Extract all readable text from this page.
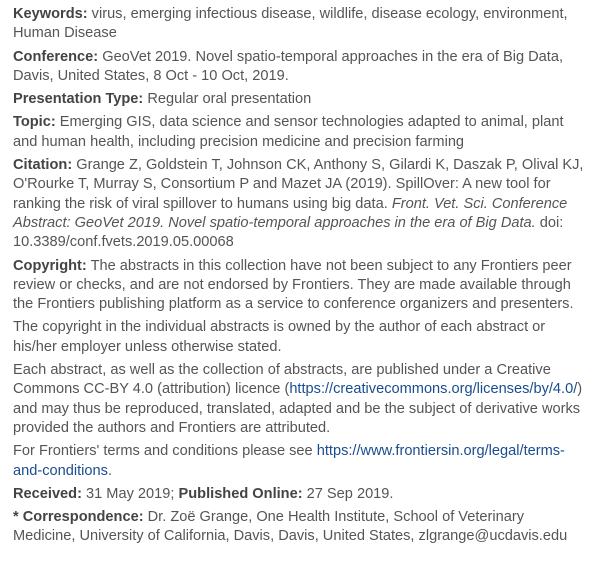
Keywords: virus, emerging infectious disease, wildlife, disease ecology, environment, Human Disease

Conference: GeoVet 2019. Novel spatio-temporal approaches in the era of Big Data, Davis, United States, 8 Oct - 10 Oct, 2019.

Presentation Type: Regular oral presentation

Topic: Emerging GIS, data science and sensor technologies adapted to animal, plant and human health, including precision medicine and precision farming

Citation: Grange Z, Goldstein T, Johnson CK, Anthony S, Gilardi K, Daszak P, Olival KJ, O'Rourke T, Murray S, Consortium P and Mazet JA (2019). SpillOver: A new tool for ranking the risk of viral spillover to humans using big data. Front. Vet. Sci. Conference Abstract: GeoVet 2019. Novel spatio-temporal approaches in the era of Big Data. doi: 10.3389/conf.fvets.2019.05.00068

Copyright: The abstracts in this collection have not been subject to any Frontiers peer review or checks, and are not endorsed by Frontiers. They are made available through the Frontiers publishing platform as a service to conference organizers and presenters.

The copyright in the individual abstracts is owned by the author of each abstract or his/her employer unless otherwise stated.

Each abstract, as well as the collection of abstracts, are published under a Creative Commons CC-BY 4.0 (attribution) licence (https://creativecommons.org/licenses/by/4.0/) and may thus be reproduced, translated, adapted and be the subject of derivative works provided the authors and Frontiers are attributed.

For Frontiers' terms and conditions please see https://www.frontiersin.org/legal/terms-and-conditions.

Received: 31 May 2019; Published Online: 27 Sep 2019.

* Correspondence: Dr. Zoë Grange, One Health Institute, School of Veterinary Medicine, University of California, Davis, Davis, United States, zlgrange@ucdavis.edu
